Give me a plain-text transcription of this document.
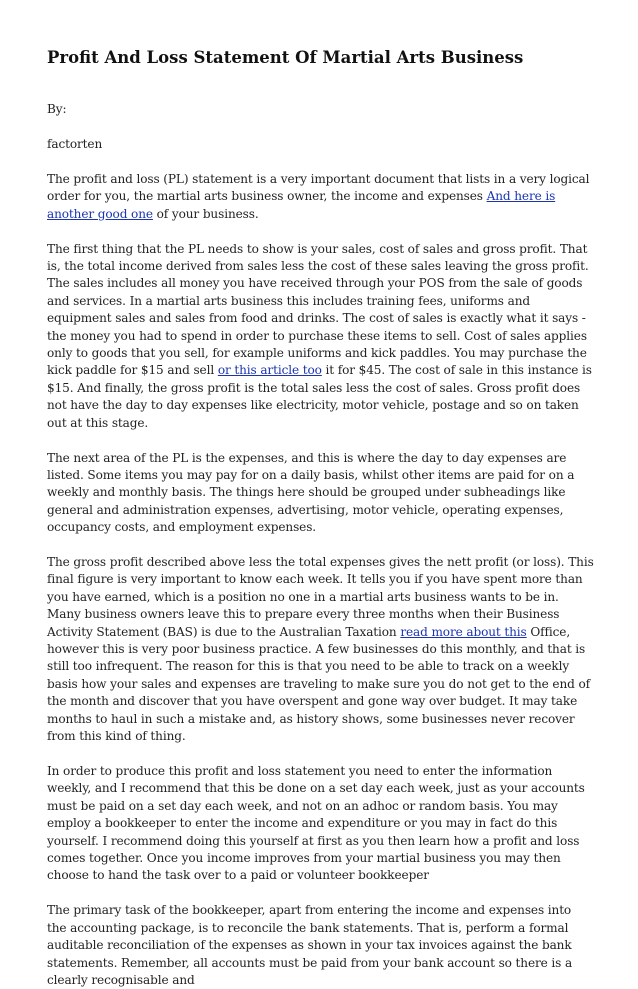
Profit And Loss Statement Of Martial Arts Business

By:

factorten

The profit and loss (PL) statement is a very important document that lists in a very logical order for you, the martial arts business owner, the income and expenses And here is another good one of your business.

The first thing that the PL needs to show is your sales, cost of sales and gross profit. That is, the total income derived from sales less the cost of these sales leaving the gross profit. The sales includes all money you have received through your POS from the sale of goods and services. In a martial arts business this includes training fees, uniforms and equipment sales and sales from food and drinks. The cost of sales is exactly what it says - the money you had to spend in order to purchase these items to sell. Cost of sales applies only to goods that you sell, for example uniforms and kick paddles. You may purchase the kick paddle for $15 and sell or this article too it for $45. The cost of sale in this instance is $15. And finally, the gross profit is the total sales less the cost of sales. Gross profit does not have the day to day expenses like electricity, motor vehicle, postage and so on taken out at this stage.

The next area of the PL is the expenses, and this is where the day to day expenses are listed. Some items you may pay for on a daily basis, whilst other items are paid for on a weekly and monthly basis. The things here should be grouped under subheadings like general and administration expenses, advertising, motor vehicle, operating expenses, occupancy costs, and employment expenses.

The gross profit described above less the total expenses gives the nett profit (or loss). This final figure is very important to know each week. It tells you if you have spent more than you have earned, which is a position no one in a martial arts business wants to be in. Many business owners leave this to prepare every three months when their Business Activity Statement (BAS) is due to the Australian Taxation read more about this Office, however this is very poor business practice. A few businesses do this monthly, and that is still too infrequent. The reason for this is that you need to be able to track on a weekly basis how your sales and expenses are traveling to make sure you do not get to the end of the month and discover that you have overspent and gone way over budget. It may take months to haul in such a mistake and, as history shows, some businesses never recover from this kind of thing.

In order to produce this profit and loss statement you need to enter the information weekly, and I recommend that this be done on a set day each week, just as your accounts must be paid on a set day each week, and not on an adhoc or random basis. You may employ a bookkeeper to enter the income and expenditure or you may in fact do this yourself. I recommend doing this yourself at first as you then learn how a profit and loss comes together. Once you income improves from your martial business you may then choose to hand the task over to a paid or volunteer bookkeeper

The primary task of the bookkeeper, apart from entering the income and expenses into the accounting package, is to reconcile the bank statements. That is, perform a formal auditable reconciliation of the expenses as shown in your tax invoices against the bank statements. Remember, all accounts must be paid from your bank account so there is a clearly recognisable and
